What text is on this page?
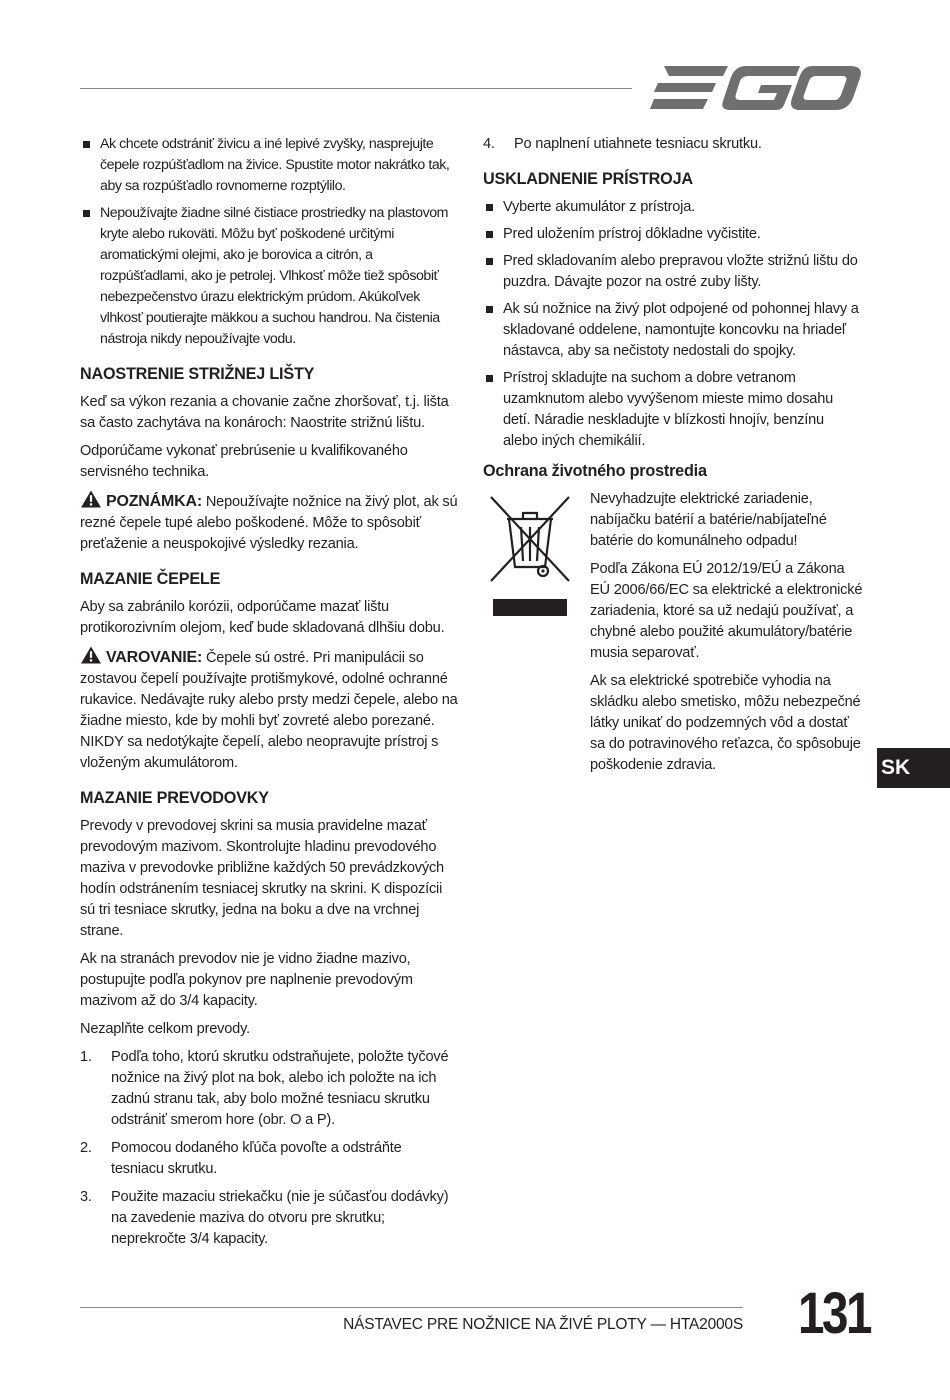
Ak chcete odstrániť živicu a iné lepivé zvyšky, nasprejujte čepele rozpúšťadlom na živice. Spustite motor nakrátko tak, aby sa rozpúšťadlo rovnomerne rozptýlilo.
Nepoužívajte žiadne silné čistiace prostriedky na plastovom kryte alebo rukoväti. Môžu byť poškodené určitými aromatickými olejmi, ako je borovica a citrón, a rozpúšťadlami, ako je petrolej. Vlhkosť môže tiež spôsobiť nebezpečenstvo úrazu elektrickým prúdom. Akúkoľvek vlhkosť poutierajte mäkkou a suchou handrou. Na čistenia nástroja nikdy nepoužívajte vodu.
NAOSTRENIE STRIŽNEJ LIŠTY

Keď sa výkon rezania a chovanie začne zhoršovať, t.j. lišta sa často zachytáva na konároch: Naostrite strižnú lištu.

Odporúčame vykonať prebrúsenie u kvalifikovaného servisného technika.

POZNÁMKA: Nepoužívajte nožnice na živý plot, ak sú rezné čepele tupé alebo poškodené. Môže to spôsobiť preťaženie a neuspokojivé výsledky rezania.

MAZANIE ČEPELE

Aby sa zabránilo korózii, odporúčame mazať lištu protikorozivním olejom, keď bude skladovaná dlhšiu dobu.

VAROVANIE: Čepele sú ostré. Pri manipulácii so zostavou čepelí používajte protišmykové, odolné ochranné rukavice. Nedávajte ruky alebo prsty medzi čepele, alebo na žiadne miesto, kde by mohli byť zovreté alebo porezané. NIKDY sa nedotýkajte čepelí, alebo neopravujte prístroj s vloženým akumulátorom.

MAZANIE PREVODOVKY

Prevody v prevodovej skrini sa musia pravidelne mazať prevodovým mazivom. Skontrolujte hladinu prevodového maziva v prevodovke približne každých 50 prevádzkových hodín odstránením tesniacej skrutky na skrini. K dispozícii sú tri tesniace skrutky, jedna na boku a dve na vrchnej strane.

Ak na stranách prevodov nie je vidno žiadne mazivo, postupujte podľa pokynov pre naplnenie prevodovým mazivom až do 3/4 kapacity.

Nezaplňte celkom prevody.

1. Podľa toho, ktorú skrutku odstraňujete, položte tyčové nožnice na živý plot na bok, alebo ich položte na ich zadnú stranu tak, aby bolo možné tesniacu skrutku odstrániť smerom hore (obr. O a P).
2. Pomocou dodaného kľúča povoľte a odstráňte tesniacu skrutku.
3. Použite mazaciu striekačku (nie je súčasťou dodávky) na zavedenie maziva do otvoru pre skrutku; neprekročte 3/4 kapacity.
4. Po naplnení utiahnete tesniacu skrutku.
USKLADNENIE PRÍSTROJA
Vyberte akumulátor z prístroja.
Pred uložením prístroj dôkladne vyčistite.
Pred skladovaním alebo prepravou vložte strižnú lištu do puzdra. Dávajte pozor na ostré zuby lišty.
Ak sú nožnice na živý plot odpojené od pohonnej hlavy a skladované oddelene, namontujte koncovku na hriadeľ nástavca, aby sa nečistoty nedostali do spojky.
Prístroj skladujte na suchom a dobre vetranom uzamknutom alebo vyvýšenom mieste mimo dosahu detí. Náradie neskladujte v blízkosti hnojív, benzínu alebo iných chemikálií.
Ochrana životného prostredia

Nevyhadzujte elektrické zariadenie, nabíjačku batérií a batérie/nabíjateľné batérie do komunálneho odpadu!

Podľa Zákona EÚ 2012/19/EÚ a Zákona EÚ 2006/66/EC sa elektrické a elektronické zariadenia, ktoré sa už nedajú používať, a chybné alebo použité akumulátory/batérie musia separovať.

Ak sa elektrické spotrebiče vyhodia na skládku alebo smetisko, môžu nebezpečné látky unikať do podzemných vôd a dostať sa do potravinového reťazca, čo spôsobuje poškodenie zdravia.	SK
NÁSTAVEC PRE NOŽNICE NA ŽIVÉ PLOTY — HTA2000S 131
